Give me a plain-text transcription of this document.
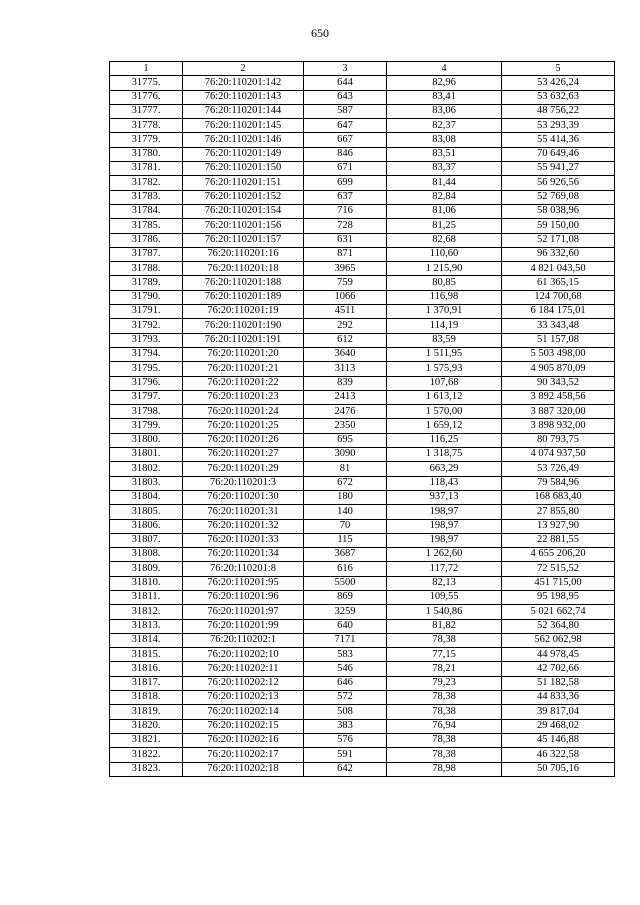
650
1	2	3	4	5
31775.	76:20:110201:142	644	82,96	53 426,24
31776.	76:20:110201:143	643	83,41	53 632,63
31777.	76:20:110201:144	587	83,06	48 756,22
31778.	76:20:110201:145	647	82,37	53 293,39
31779.	76:20:110201:146	667	83,08	55 414,36
31780.	76:20:110201:149	846	83,51	70 649,46
31781.	76:20:110201:150	671	83,37	55 941,27
31782.	76:20:110201:151	699	81,44	56 926,56
31783.	76:20:110201:152	637	82,84	52 769,08
31784.	76:20:110201:154	716	81,06	58 038,96
31785.	76:20:110201:156	728	81,25	59 150,00
31786.	76:20:110201:157	631	82,68	52 171,08
31787.	76:20:110201:16	871	110,60	96 332,60
31788.	76:20:110201:18	3965	1 215,90	4 821 043,50
31789.	76:20:110201:188	759	80,85	61 365,15
31790.	76:20:110201:189	1066	116,98	124 700,68
31791.	76:20:110201:19	4511	1 370,91	6 184 175,01
31792.	76:20:110201:190	292	114,19	33 343,48
31793.	76:20:110201:191	612	83,59	51 157,08
31794.	76:20:110201:20	3640	1 511,95	5 503 498,00
31795.	76:20:110201:21	3113	1 575,93	4 905 870,09
31796.	76:20:110201:22	839	107,68	90 343,52
31797.	76:20:110201:23	2413	1 613,12	3 892 458,56
31798.	76:20:110201:24	2476	1 570,00	3 887 320,00
31799.	76:20:110201:25	2350	1 659,12	3 898 932,00
31800.	76:20:110201:26	695	116,25	80 793,75
31801.	76:20:110201:27	3090	1 318,75	4 074 937,50
31802.	76:20:110201:29	81	663,29	53 726,49
31803.	76:20:110201:3	672	118,43	79 584,96
31804.	76:20:110201:30	180	937,13	168 683,40
31805.	76:20:110201:31	140	198,97	27 855,80
31806.	76:20:110201:32	70	198,97	13 927,90
31807.	76:20:110201:33	115	198,97	22 881,55
31808.	76:20:110201:34	3687	1 262,60	4 655 206,20
31809.	76:20:110201:8	616	117,72	72 515,52
31810.	76:20:110201:95	5500	82,13	451 715,00
31811.	76:20:110201:96	869	109,55	95 198,95
31812.	76:20:110201:97	3259	1 540,86	5 021 662,74
31813.	76:20:110201:99	640	81,82	52 364,80
31814.	76:20:110202:1	7171	78,38	562 062,98
31815.	76:20:110202:10	583	77,15	44 978,45
31816.	76:20:110202:11	546	78,21	42 702,66
31817.	76:20:110202:12	646	79,23	51 182,58
31818.	76:20:110202:13	572	78,38	44 833,36
31819.	76:20:110202:14	508	78,38	39 817,04
31820.	76:20:110202:15	383	76,94	29 468,02
31821.	76:20:110202:16	576	78,38	45 146,88
31822.	76:20:110202:17	591	78,38	46 322,58
31823.	76:20:110202:18	642	78,98	50 705,16
